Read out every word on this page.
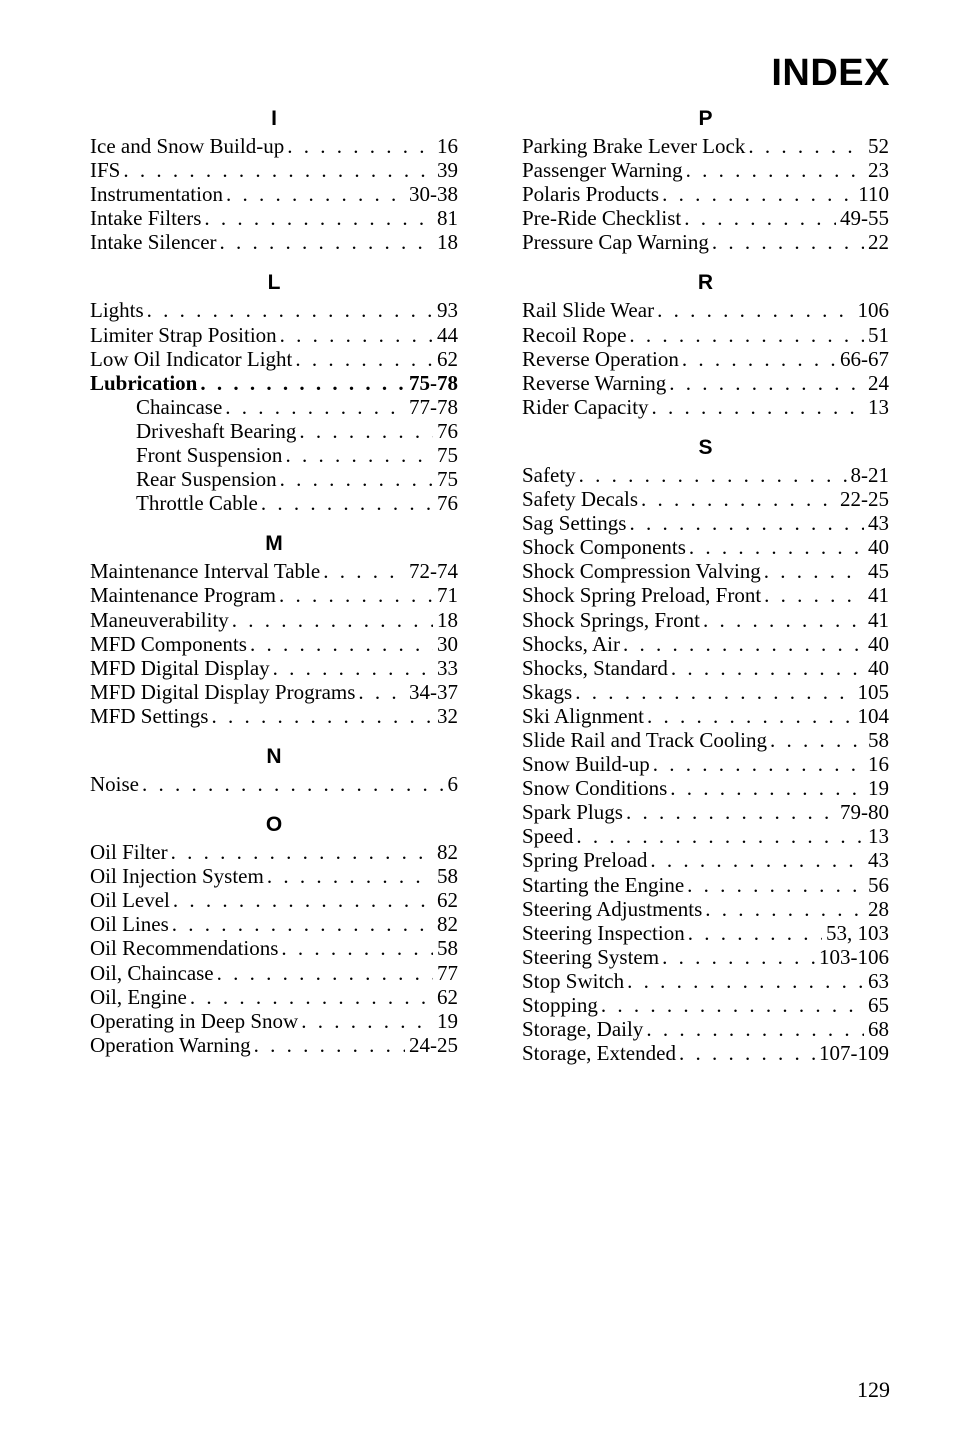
INDEX
I
Ice and Snow Build-up . . .	16
IFS . . .	39
Instrumentation . . .	30-38
Intake Filters . . .	81
Intake Silencer . . .	18
L
Lights . . .	93
Limiter Strap Position . . .	44
Low Oil Indicator Light . . .	62
Lubrication . . .	75-78
Chaincase . . .	77-78
Driveshaft Bearing . . .	76
Front Suspension . . .	75
Rear Suspension . . .	75
Throttle Cable . . .	76
M
Maintenance Interval Table . . .	72-74
Maintenance Program . . .	71
Maneuverability . . .	18
MFD Components . . .	30
MFD Digital Display . . .	33
MFD Digital Display Programs . . .	34-37
MFD Settings . . .	32
N
Noise . . .	6
O
Oil Filter . . .	82
Oil Injection System . . .	58
Oil Level . . .	62
Oil Lines . . .	82
Oil Recommendations . . .	58
Oil, Chaincase . . .	77
Oil, Engine . . .	62
Operating in Deep Snow . . .	19
Operation Warning . . .	24-25
P
Parking Brake Lever Lock . . .	52
Passenger Warning . . .	23
Polaris Products . . .	110
Pre-Ride Checklist . . .	49-55
Pressure Cap Warning . . .	22
R
Rail Slide Wear . . .	106
Recoil Rope . . .	51
Reverse Operation . . .	66-67
Reverse Warning . . .	24
Rider Capacity . . .	13
S
Safety . . .	8-21
Safety Decals . . .	22-25
Sag Settings . . .	43
Shock Components . . .	40
Shock Compression Valving . . .	45
Shock Spring Preload, Front . . .	41
Shock Springs, Front . . .	41
Shocks, Air . . .	40
Shocks, Standard . . .	40
Skags . . .	105
Ski Alignment . . .	104
Slide Rail and Track Cooling . . .	58
Snow Build-up . . .	16
Snow Conditions . . .	19
Spark Plugs . . .	79-80
Speed . . .	13
Spring Preload . . .	43
Starting the Engine . . .	56
Steering Adjustments . . .	28
Steering Inspection . . .	53, 103
Steering System . . .	103-106
Stop Switch . . .	63
Stopping . . .	65
Storage, Daily . . .	68
Storage, Extended . . .	107-109
129
